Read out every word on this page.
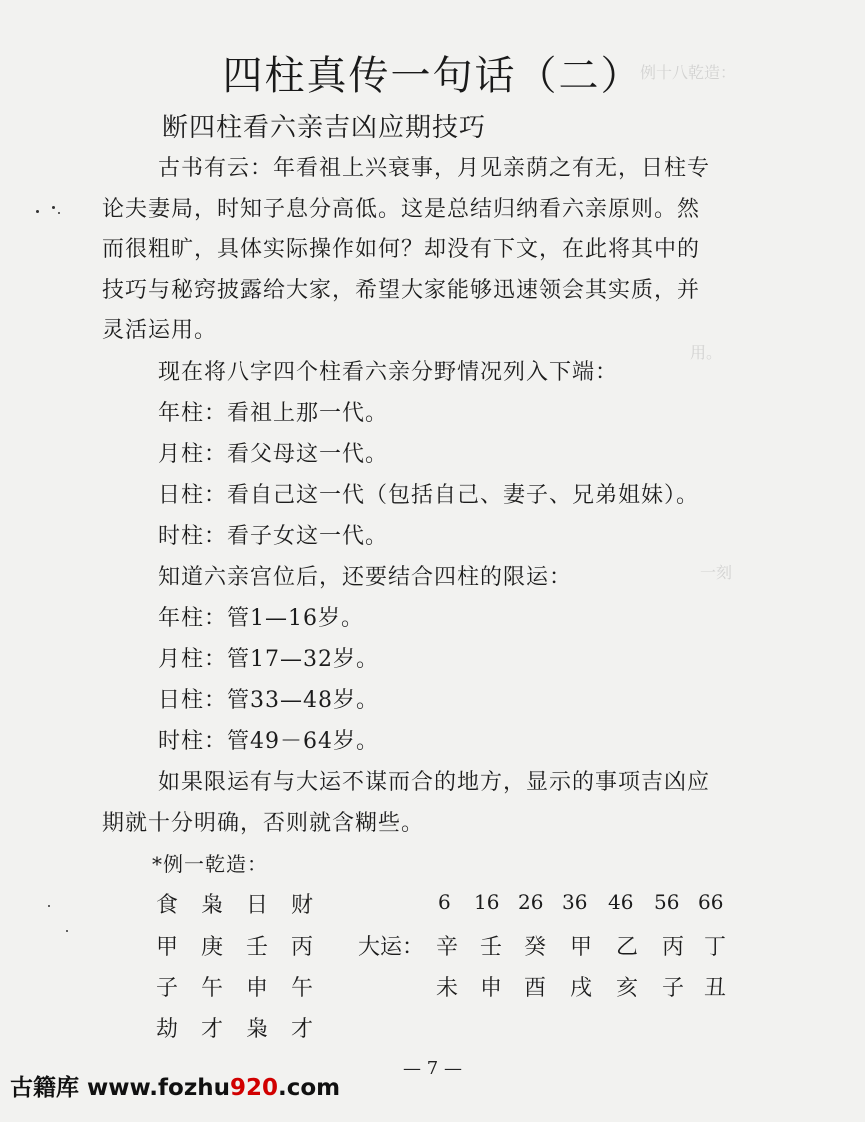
例十八乾造：
用。
一刻
四柱真传一句话（二）
断四柱看六亲吉凶应期技巧
古书有云：年看祖上兴衰事，月见亲荫之有无，日柱专
论夫妻局，时知子息分高低。这是总结归纳看六亲原则。然
而很粗旷，具体实际操作如何？却没有下文，在此将其中的
技巧与秘窍披露给大家，希望大家能够迅速领会其实质，并
灵活运用。
现在将八字四个柱看六亲分野情况列入下端：
年柱：看祖上那一代。
月柱：看父母这一代。
日柱：看自己这一代（包括自己、妻子、兄弟姐妹）。
时柱：看子女这一代。
知道六亲宫位后，还要结合四柱的限运：
年柱：管1—16岁。
月柱：管17—32岁。
日柱：管33—48岁。
时柱：管49－64岁。
如果限运有与大运不谋而合的地方，显示的事项吉凶应
期就十分明确，否则就含糊些。
*例一乾造：
食 枭 日 财
甲 庚 壬 丙
子 午 申 午
劫 才 枭 才
大运：
6 16 26 36 46 56 66
辛 壬 癸 甲 乙 丙 丁
未 申 酉 戌 亥 子 丑
— 7 —
古籍库 www.fozhu920.com
